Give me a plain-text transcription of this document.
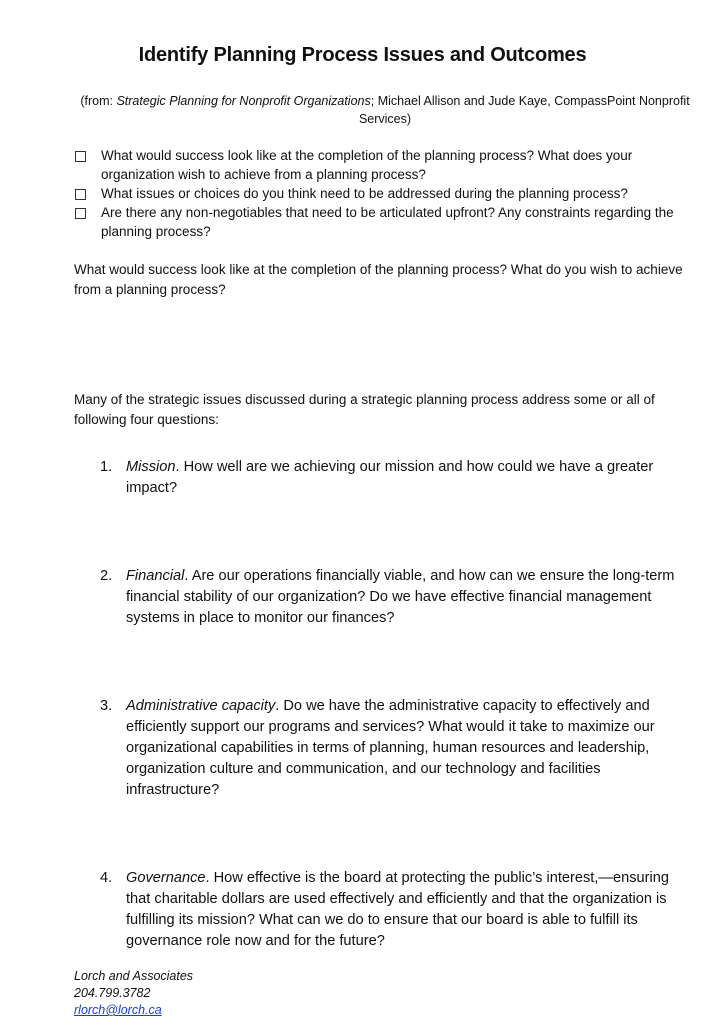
Identify Planning Process Issues and Outcomes
(from: Strategic Planning for Nonprofit Organizations; Michael Allison and Jude Kaye, CompassPoint Nonprofit Services)

What would success look like at the completion of the planning process? What does your organization wish to achieve from a planning process?

What issues or choices do you think need to be addressed during the planning process?

Are there any non-negotiables that need to be articulated upfront? Any constraints regarding the planning process?

What would success look like at the completion of the planning process? What do you wish to achieve from a planning process?

Many of the strategic issues discussed during a strategic planning process address some or all of following four questions:

1. Mission. How well are we achieving our mission and how could we have a greater impact?
2. Financial. Are our operations financially viable, and how can we ensure the long-term financial stability of our organization? Do we have effective financial management systems in place to monitor our finances?
3. Administrative capacity. Do we have the administrative capacity to effectively and efficiently support our programs and services? What would it take to maximize our organizational capabilities in terms of planning, human resources and leadership, organization culture and communication, and our technology and facilities infrastructure?
4. Governance. How effective is the board at protecting the public’s interest,—ensuring that charitable dollars are used effectively and efficiently and that the organization is fulfilling its mission? What can we do to ensure that our board is able to fulfill its governance role now and for the future?
Lorch and Associates
204.799.3782
rlorch@lorch.ca
